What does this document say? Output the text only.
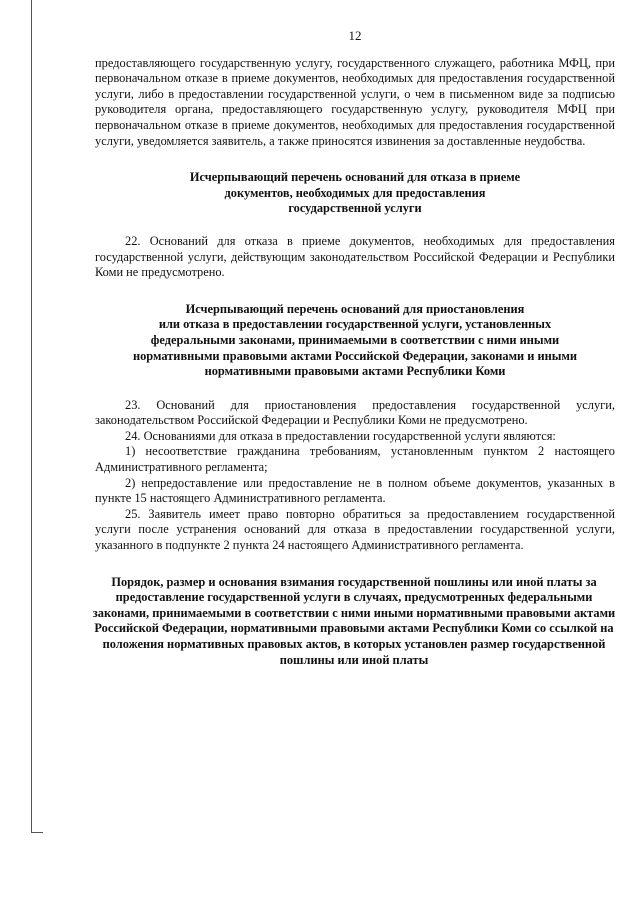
12

предоставляющего государственную услугу, государственного служащего, работника МФЦ, при первоначальном отказе в приеме документов, необходимых для предоставления государственной услуги, либо в предоставлении государственной услуги, о чем в письменном виде за подписью руководителя органа, предоставляющего государственную услугу, руководителя МФЦ при первоначальном отказе в приеме документов, необходимых для предоставления государственной услуги, уведомляется заявитель, а также приносятся извинения за доставленные неудобства.

Исчерпывающий перечень оснований для отказа в приеме
документов, необходимых для предоставления
государственной услуги

22. Оснований для отказа в приеме документов, необходимых для предоставления государственной услуги, действующим законодательством Российской Федерации и Республики Коми не предусмотрено.

Исчерпывающий перечень оснований для приостановления
или отказа в предоставлении государственной услуги, установленных
федеральными законами, принимаемыми в соответствии с ними иными
нормативными правовыми актами Российской Федерации, законами и иными
нормативными правовыми актами Республики Коми

23. Оснований для приостановления предоставления государственной услуги, законодательством Российской Федерации и Республики Коми не предусмотрено.

24. Основаниями для отказа в предоставлении государственной услуги являются:

1) несоответствие гражданина требованиям, установленным пунктом 2 настоящего Административного регламента;

2) непредоставление или предоставление не в полном объеме документов, указанных в пункте 15 настоящего Административного регламента.

25. Заявитель имеет право повторно обратиться за предоставлением государственной услуги после устранения оснований для отказа в предоставлении государственной услуги, указанного в подпункте 2 пункта 24 настоящего Административного регламента.

Порядок, размер и основания взимания государственной пошлины или иной платы за предоставление государственной услуги в случаях, предусмотренных федеральными законами, принимаемыми в соответствии с ними иными нормативными правовыми актами Российской Федерации, нормативными правовыми актами Республики Коми со ссылкой на положения нормативных правовых актов, в которых установлен размер государственной пошлины или иной платы
